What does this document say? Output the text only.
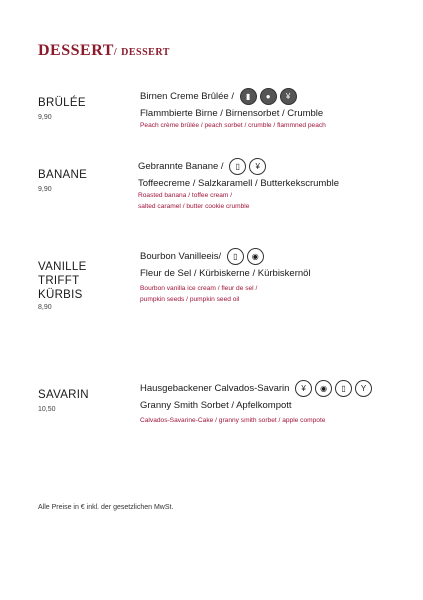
DESSERT/ DESSERT
BRÜLÉE
9,90
Birnen Creme Brûlée /	▮	●	¥
Flammbierte Birne / Birnensorbet / Crumble
Peach crème brûlée / peach sorbet / crumble / flammned peach
BANANE
9,90
Gebrannte Banane /	▯	¥
Toffeecreme / Salzkaramell / Butterkekscrumble
Roasted banana / toffee cream /
salted caramel / butter cookie crumble
VANILLE
TRIFFT
KÜRBIS
8,90
Bourbon Vanilleeis/	▯	◉
Fleur de Sel / Kürbiskerne / Kürbiskernöl
Bourbon vanilla ice cream / fleur de sel /
pumpkin seeds / pumpkin seed oil
SAVARIN
10,50
Hausgebackener Calvados-Savarin	¥	◉	▯	Y
Granny Smith Sorbet / Apfelkompott
Calvados-Savarine-Cake / granny smith sorbet / apple compote
Alle Preise in € inkl. der gesetzlichen MwSt.
